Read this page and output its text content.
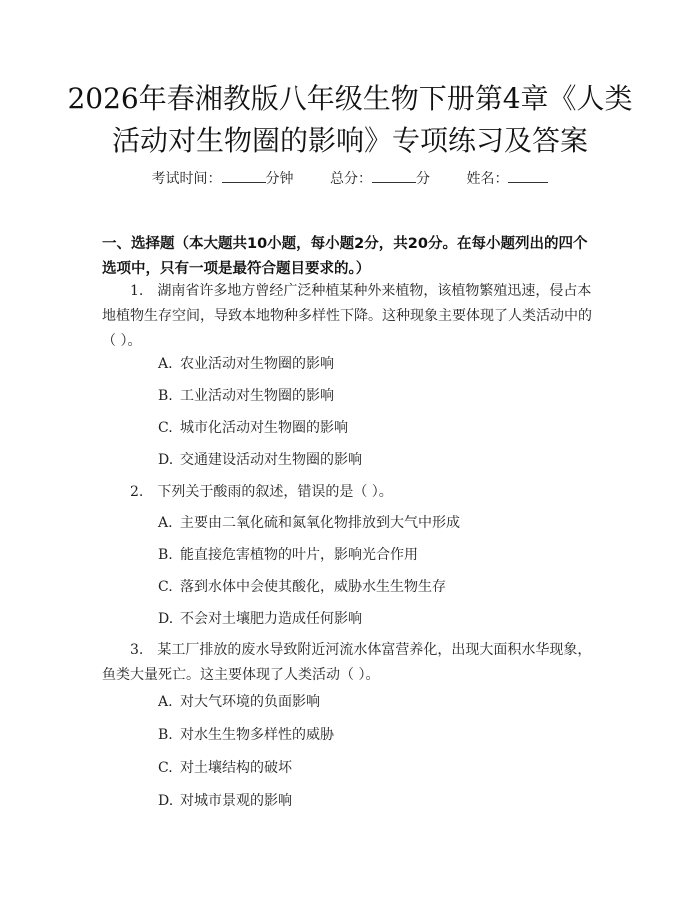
2026年春湘教版八年级生物下册第4章《人类活动对生物圈的影响》专项练习及答案
考试时间：	分钟	总分：	分	姓名：
一、选择题（本大题共10小题，每小题2分，共20分。在每小题列出的四个选项中，只有一项是最符合题目要求的。）
1.　湖南省许多地方曾经广泛种植某种外来植物，该植物繁殖迅速，侵占本地植物生存空间，导致本地物种多样性下降。这种现象主要体现了人类活动中的（ ）。
A. 农业活动对生物圈的影响
B. 工业活动对生物圈的影响
C. 城市化活动对生物圈的影响
D. 交通建设活动对生物圈的影响
2.　下列关于酸雨的叙述，错误的是（ ）。
A. 主要由二氧化硫和氮氧化物排放到大气中形成
B. 能直接危害植物的叶片，影响光合作用
C. 落到水体中会使其酸化，威胁水生生物生存
D. 不会对土壤肥力造成任何影响
3.　某工厂排放的废水导致附近河流水体富营养化，出现大面积水华现象，鱼类大量死亡。这主要体现了人类活动（ ）。
A. 对大气环境的负面影响
B. 对水生生物多样性的威胁
C. 对土壤结构的破坏
D. 对城市景观的影响
